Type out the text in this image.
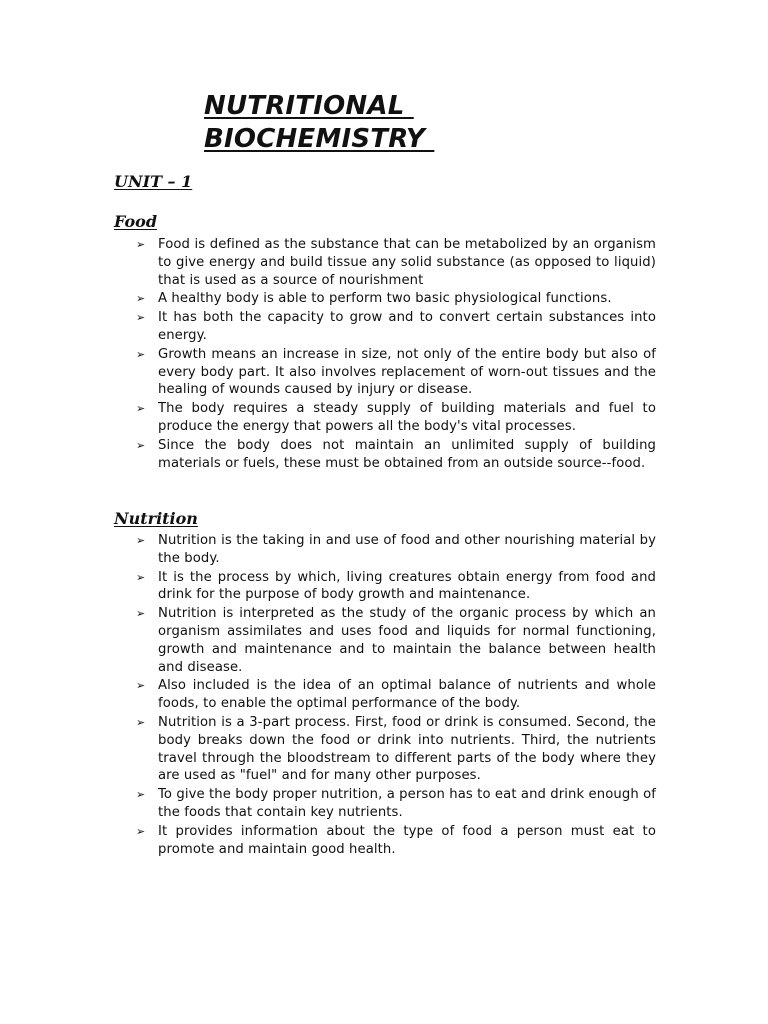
NUTRITIONAL
BIOCHEMISTRY
UNIT – 1
Food
➢ Food is defined as the substance that can be metabolized by an organism to give energy and build tissue any solid substance (as opposed to liquid) that is used as a source of nourishment
➢ A healthy body is able to perform two basic physiological functions.
➢ It has both the capacity to grow and to convert certain substances into energy.
➢ Growth means an increase in size, not only of the entire body but also of every body part. It also involves replacement of worn-out tissues and the healing of wounds caused by injury or disease.
➢ The body requires a steady supply of building materials and fuel to produce the energy that powers all the body's vital processes.
➢ Since the body does not maintain an unlimited supply of building materials or fuels, these must be obtained from an outside source--food.
Nutrition
➢ Nutrition is the taking in and use of food and other nourishing material by the body.
➢ It is the process by which, living creatures obtain energy from food and drink for the purpose of body growth and maintenance.
➢ Nutrition is interpreted as the study of the organic process by which an organism assimilates and uses food and liquids for normal functioning, growth and maintenance and to maintain the balance between health and disease.
➢ Also included is the idea of an optimal balance of nutrients and whole foods, to enable the optimal performance of the body.
➢ Nutrition is a 3-part process. First, food or drink is consumed. Second, the body breaks down the food or drink into nutrients. Third, the nutrients travel through the bloodstream to different parts of the body where they are used as "fuel" and for many other purposes.
➢ To give the body proper nutrition, a person has to eat and drink enough of the foods that contain key nutrients.
➢ It provides information about the type of food a person must eat to promote and maintain good health.
